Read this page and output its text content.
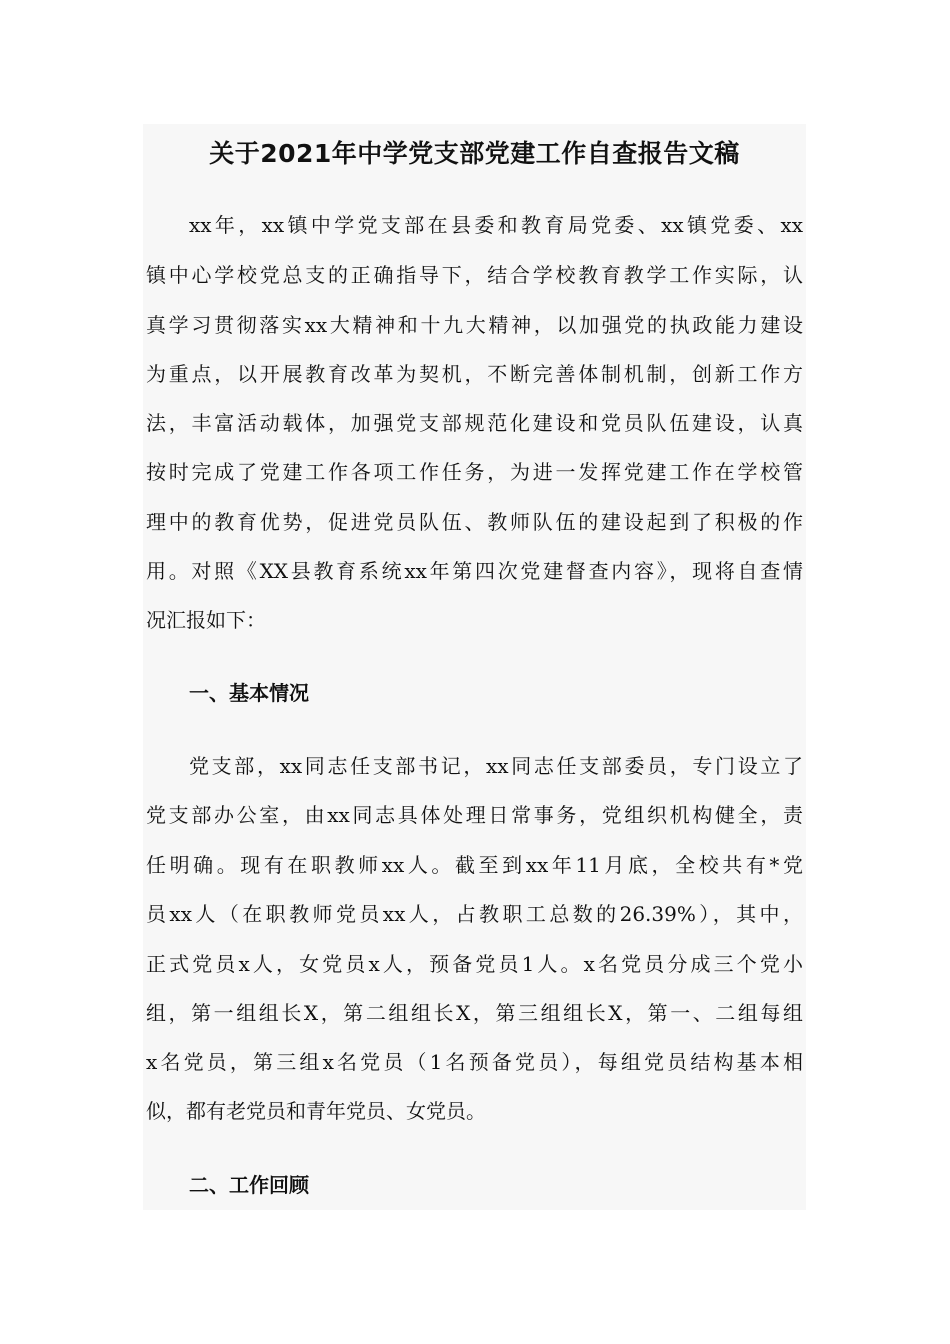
关于2021年中学党支部党建工作自查报告文稿
xx年，xx镇中学党支部在县委和教育局党委、xx镇党委、xx
镇中心学校党总支的正确指导下，结合学校教育教学工作实际，认
真学习贯彻落实xx大精神和十九大精神，以加强党的执政能力建设
为重点，以开展教育改革为契机，不断完善体制机制，创新工作方
法，丰富活动载体，加强党支部规范化建设和党员队伍建设，认真
按时完成了党建工作各项工作任务，为进一发挥党建工作在学校管
理中的教育优势，促进党员队伍、教师队伍的建设起到了积极的作
用。对照《XX县教育系统xx年第四次党建督查内容》，现将自查情
况汇报如下：
一、基本情况
党支部，xx同志任支部书记，xx同志任支部委员，专门设立了
党支部办公室，由xx同志具体处理日常事务，党组织机构健全，责
任明确。现有在职教师xx人。截至到xx年11月底，全校共有*党
员xx人（在职教师党员xx人，占教职工总数的26.39%），其中，
正式党员x人，女党员x人，预备党员1人。x名党员分成三个党小
组，第一组组长X，第二组组长X，第三组组长X，第一、二组每组
x名党员，第三组x名党员（1名预备党员），每组党员结构基本相
似，都有老党员和青年党员、女党员。
二、工作回顾
